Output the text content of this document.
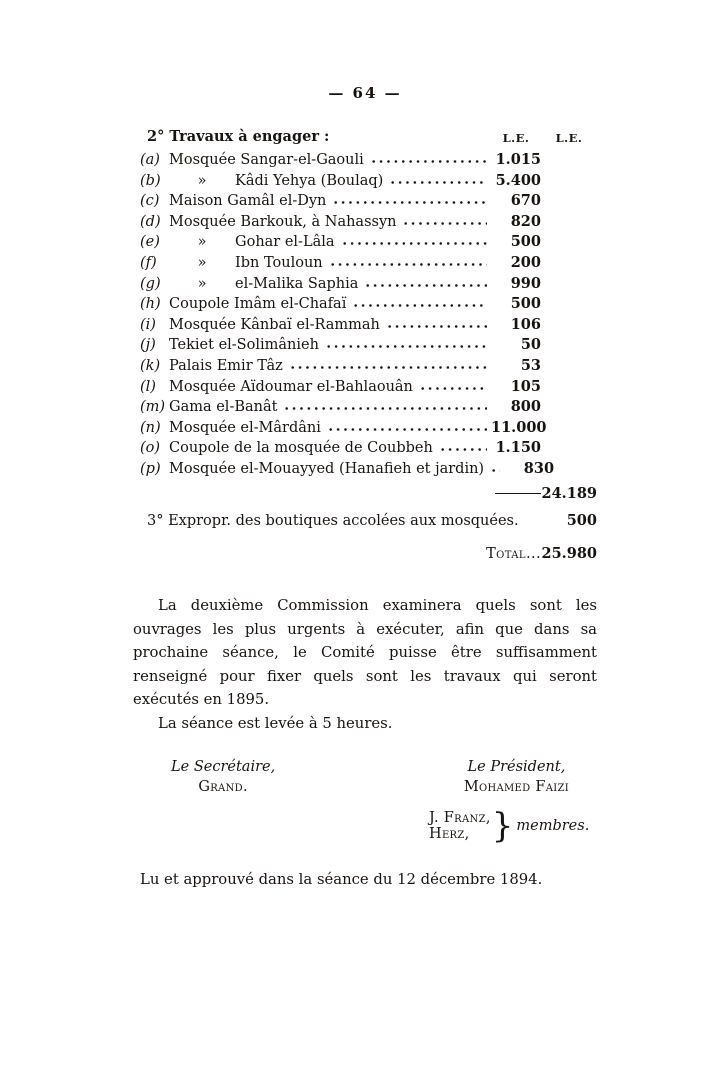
— 64 —
2° Travaux à engager :	L.E.	L.E.
(a) Mosquée Sangar-el-Gaouli	1.015
(b)	»	Kâdi Yehya (Boulaq)	5.400
(c) Maison Gamâl el-Dyn	670
(d) Mosquée Barkouk, à Nahassyn	820
(e)	»	Gohar el-Lâla	500
(f)	»	Ibn Touloun	200
(g)	»	el-Malika Saphia	990
(h) Coupole Imâm el-Chafaï	500
(i) Mosquée Kânbaï el-Rammah	106
(j) Tekiet el-Solimânieh	50
(k) Palais Emir Tâz	53
(l) Mosquée Aïdoumar el-Bahlaouân	105
(m) Gama el-Banât	800
(n) Mosquée el-Mârdâni	11.000
(o) Coupole de la mosquée de Coubbeh	1.150
(p) Mosquée el-Mouayyed (Hanafieh et jardin)	830
24.189
3° Expropr. des boutiques accolées aux mosquées.	500
Total... 25.980

La deuxième Commission examinera quels sont les ouvrages les plus urgents à exécuter, afin que dans sa prochaine séance, le Comité puisse être suffisamment renseigné pour fixer quels sont les travaux qui seront exécutés en 1895.

La séance est levée à 5 heures.

Le Secrétaire,
Grand.
Le Président,
Mohamed Faizi
J. Franz,
Herz, } membres.

Lu et approuvé dans la séance du 12 décembre 1894.
